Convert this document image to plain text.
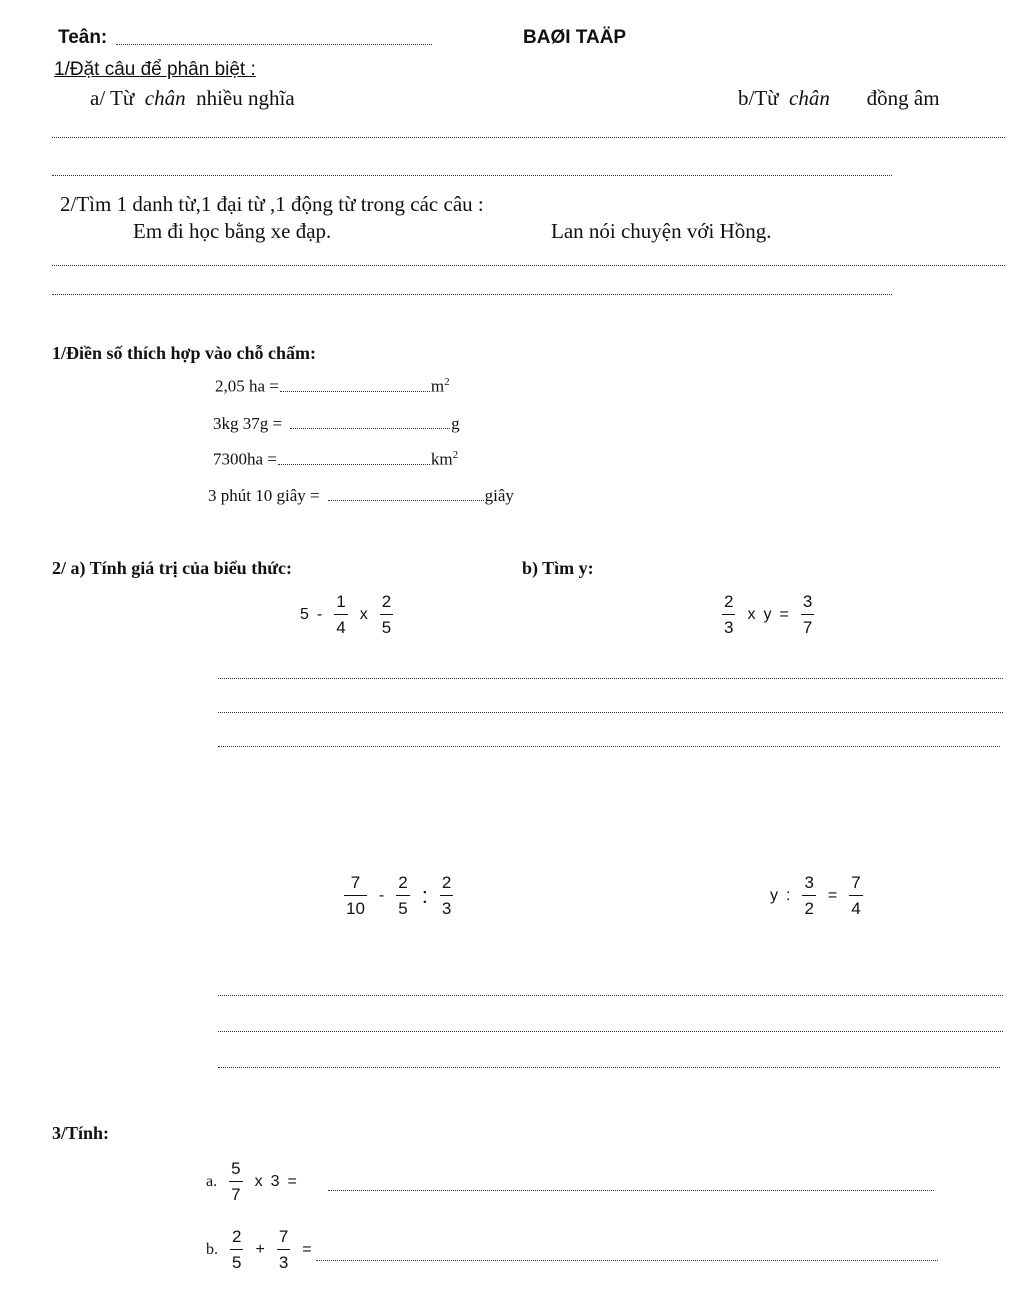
Teân:	BAØI TAÄP
1/Đặt câu để phân biệt :
a/ Từ chân nhiều nghĩa	b/Từ chân đồng âm
2/Tìm 1 danh từ,1 đại từ ,1 động từ trong các câu :
Em đi học bằng xe đạp.	Lan nói chuyện với Hồng.
1/Điền số thích hợp vào chỗ chấm:
2,05 ha =	$m^2$
3kg 37g =	g
7300ha =	$km^2$
3 phút 10 giây =	giây
2/ a) Tính giá trị của biểu thức:	b) Tìm y:
$5 - \frac{1}{4}$ x $\frac{2}{5}$	$\frac{2}{3}$ x $y = \frac{3}{7}$
$\frac{7}{10} - \frac{2}{5}$ : $\frac{2}{3}$	y : $\frac{3}{2} = \frac{7}{4}$
3/Tính:
a. $\frac{5}{7}$ x 3 =
b. $\frac{2}{5} + \frac{7}{3}$ =
